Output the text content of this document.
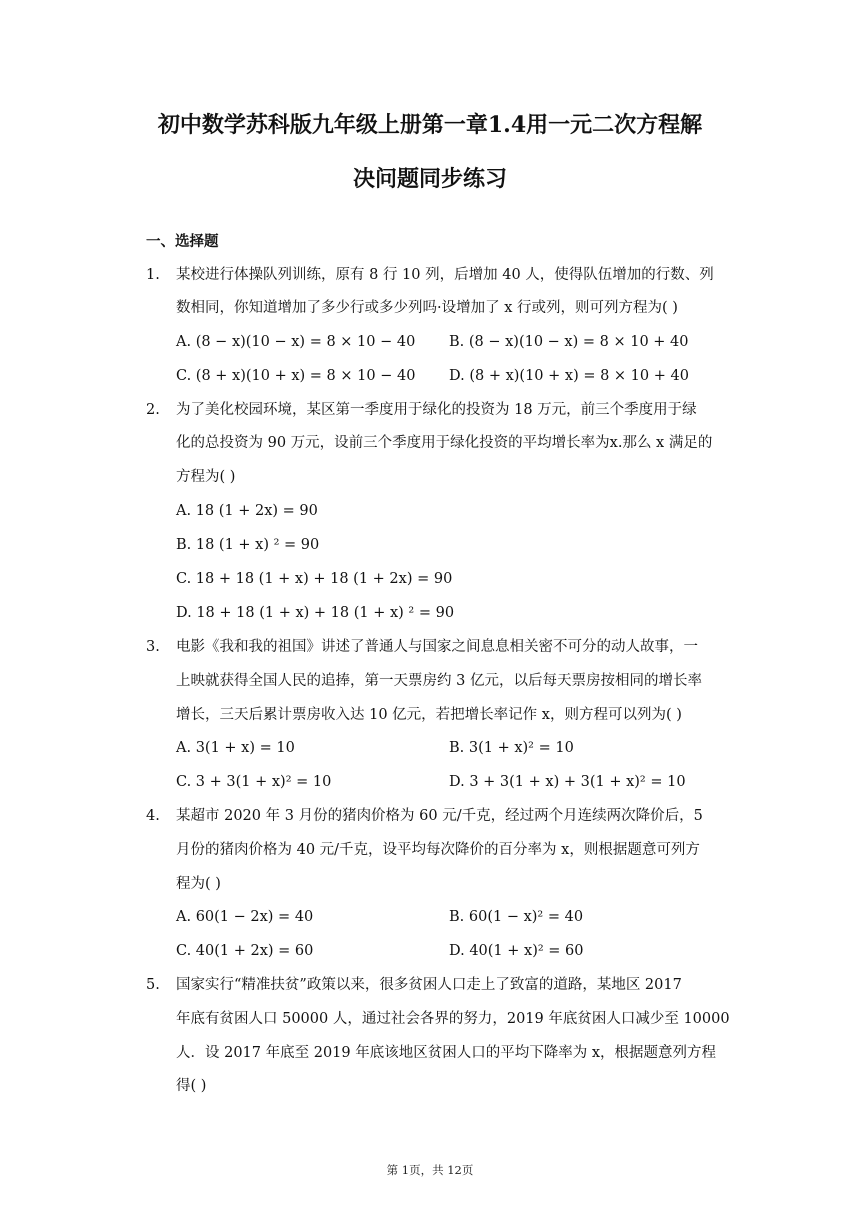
初中数学苏科版九年级上册第一章1.4用一元二次方程解
决问题同步练习

一、选择题
1. 某校进行体操队列训练，原有 8 行 10 列，后增加 40 人，使得队伍增加的行数、列
数相同，你知道增加了多少行或多少列吗·设增加了 x 行或列，则可列方程为( )
A. (8 − x)(10 − x) = 8 × 10 − 40 B. (8 − x)(10 − x) = 8 × 10 + 40
C. (8 + x)(10 + x) = 8 × 10 − 40 D. (8 + x)(10 + x) = 8 × 10 + 40
2. 为了美化校园环境，某区第一季度用于绿化的投资为 18 万元，前三个季度用于绿
化的总投资为 90 万元，设前三个季度用于绿化投资的平均增长率为x.那么 x 满足的
方程为( )
A. 18 (1 + 2x) = 90
B. 18 (1 + x) ² = 90
C. 18 + 18 (1 + x) + 18 (1 + 2x) = 90
D. 18 + 18 (1 + x) + 18 (1 + x) ² = 90
3. 电影《我和我的祖国》讲述了普通人与国家之间息息相关密不可分的动人故事，一
上映就获得全国人民的追捧，第一天票房约 3 亿元，以后每天票房按相同的增长率
增长，三天后累计票房收入达 10 亿元，若把增长率记作 x，则方程可以列为( )
A. 3(1 + x) = 10	B. 3(1 + x)² = 10
C. 3 + 3(1 + x)² = 10	D. 3 + 3(1 + x) + 3(1 + x)² = 10
4. 某超市 2020 年 3 月份的猪肉价格为 60 元/千克，经过两个月连续两次降价后，5
月份的猪肉价格为 40 元/千克，设平均每次降价的百分率为 x，则根据题意可列方
程为( )
A. 60(1 − 2x) = 40	B. 60(1 − x)² = 40
C. 40(1 + 2x) = 60	D. 40(1 + x)² = 60
5. 国家实行“精准扶贫”政策以来，很多贫困人口走上了致富的道路，某地区 2017
年底有贫困人口 50000 人，通过社会各界的努力，2019 年底贫困人口减少至 10000
人．设 2017 年底至 2019 年底该地区贫困人口的平均下降率为 x，根据题意列方程
得( )
第 1页，共 12页
